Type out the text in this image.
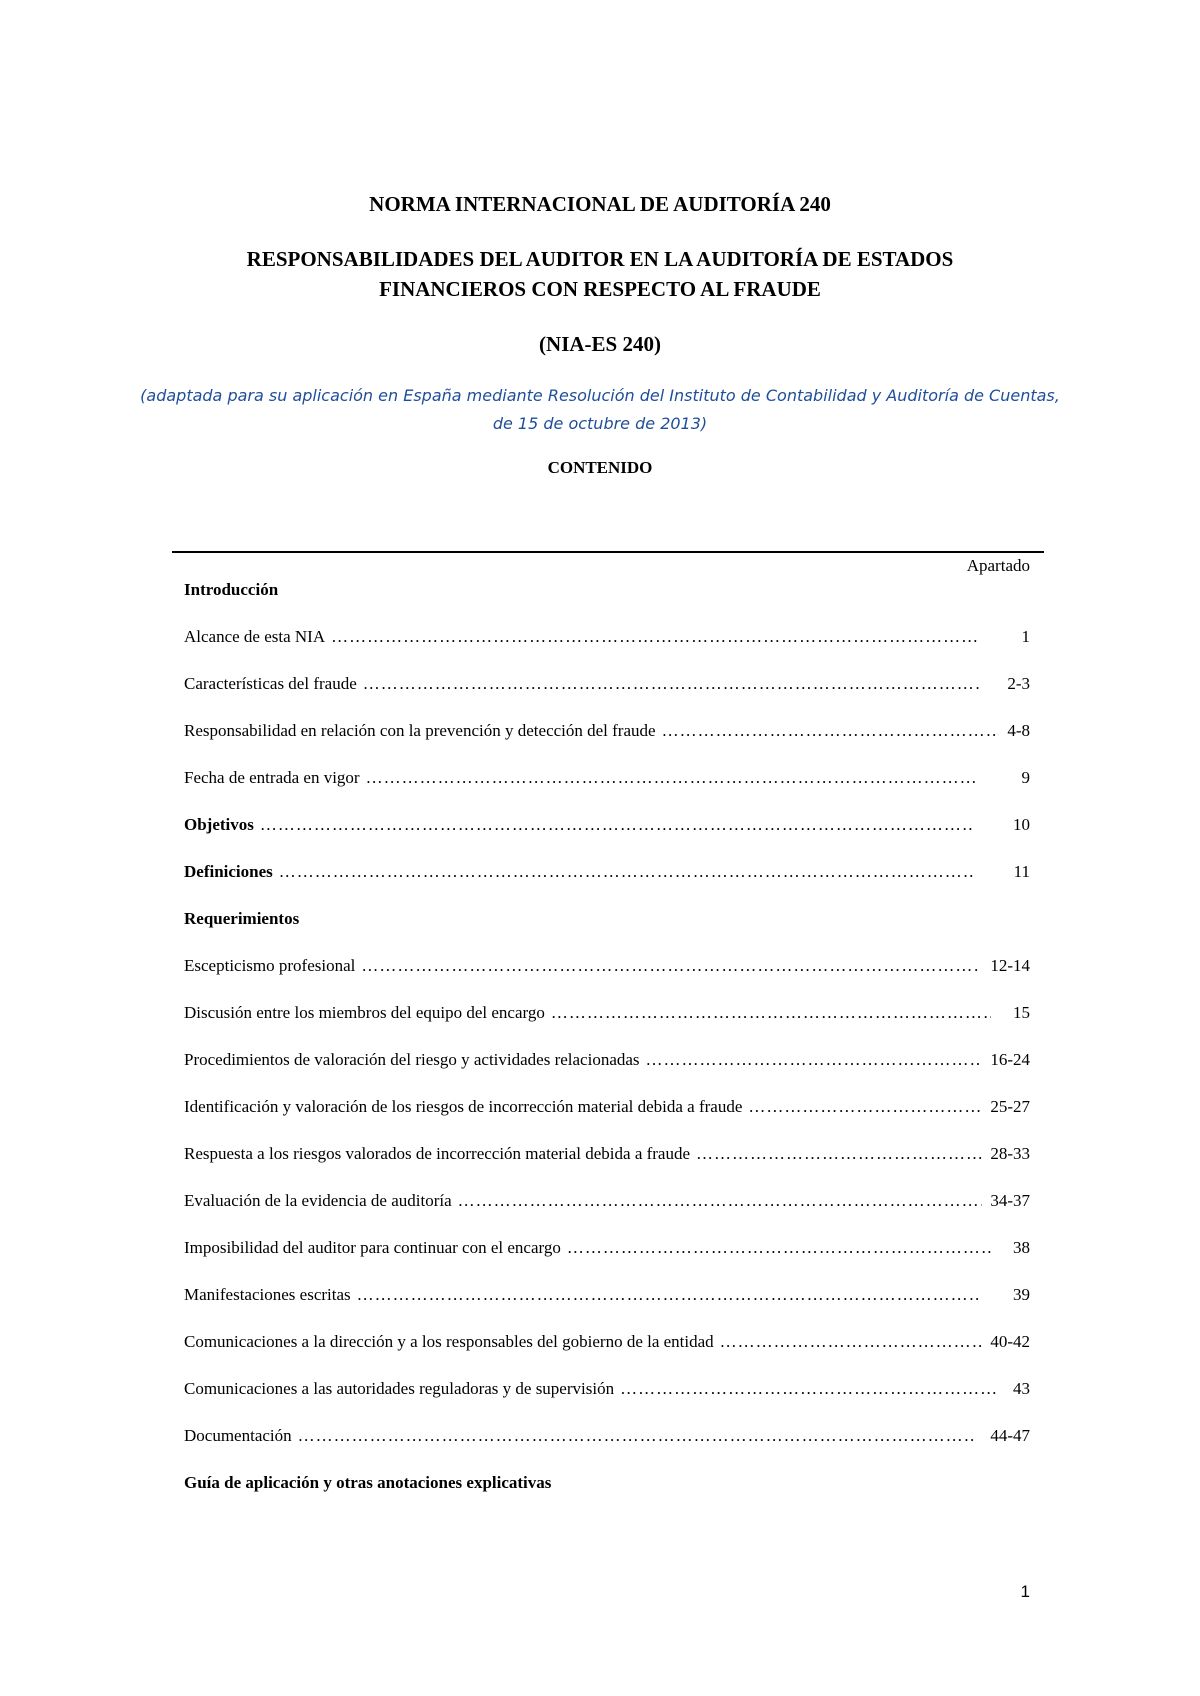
NORMA INTERNACIONAL DE AUDITORÍA 240
RESPONSABILIDADES DEL AUDITOR EN LA AUDITORÍA DE ESTADOS
FINANCIEROS CON RESPECTO AL FRAUDE
(NIA-ES 240)
(adaptada para su aplicación en España mediante Resolución del Instituto de Contabilidad y Auditoría de Cuentas, de 15 de octubre de 2013)
CONTENIDO
Apartado
Introducción
Alcance de esta NIA ……………………………………………………………………………………………………………………………………………………	1
Características del fraude ……………………………………………………………………………………………………………………………………………………	2-3
Responsabilidad en relación con la prevención y detección del fraude ……………………………………………………………………………………………………………………………………………………	4-8
Fecha de entrada en vigor ……………………………………………………………………………………………………………………………………………………	9
Objetivos ……………………………………………………………………………………………………………………………………………………	10
Definiciones ……………………………………………………………………………………………………………………………………………………	11
Requerimientos
Escepticismo profesional ……………………………………………………………………………………………………………………………………………………	12-14
Discusión entre los miembros del equipo del encargo ……………………………………………………………………………………………………………………………………………………	15
Procedimientos de valoración del riesgo y actividades relacionadas ……………………………………………………………………………………………………………………………………………………	16-24
Identificación y valoración de los riesgos de incorrección material debida a fraude ……………………………………………………………………………………………………………………………………………………	25-27
Respuesta a los riesgos valorados de incorrección material debida a fraude ……………………………………………………………………………………………………………………………………………………	28-33
Evaluación de la evidencia de auditoría ……………………………………………………………………………………………………………………………………………………	34-37
Imposibilidad del auditor para continuar con el encargo ……………………………………………………………………………………………………………………………………………………	38
Manifestaciones escritas ……………………………………………………………………………………………………………………………………………………	39
Comunicaciones a la dirección y a los responsables del gobierno de la entidad ……………………………………………………………………………………………………………………………………………………	40-42
Comunicaciones a las autoridades reguladoras y de supervisión ……………………………………………………………………………………………………………………………………………………	43
Documentación ……………………………………………………………………………………………………………………………………………………	44-47
Guía de aplicación y otras anotaciones explicativas
1
